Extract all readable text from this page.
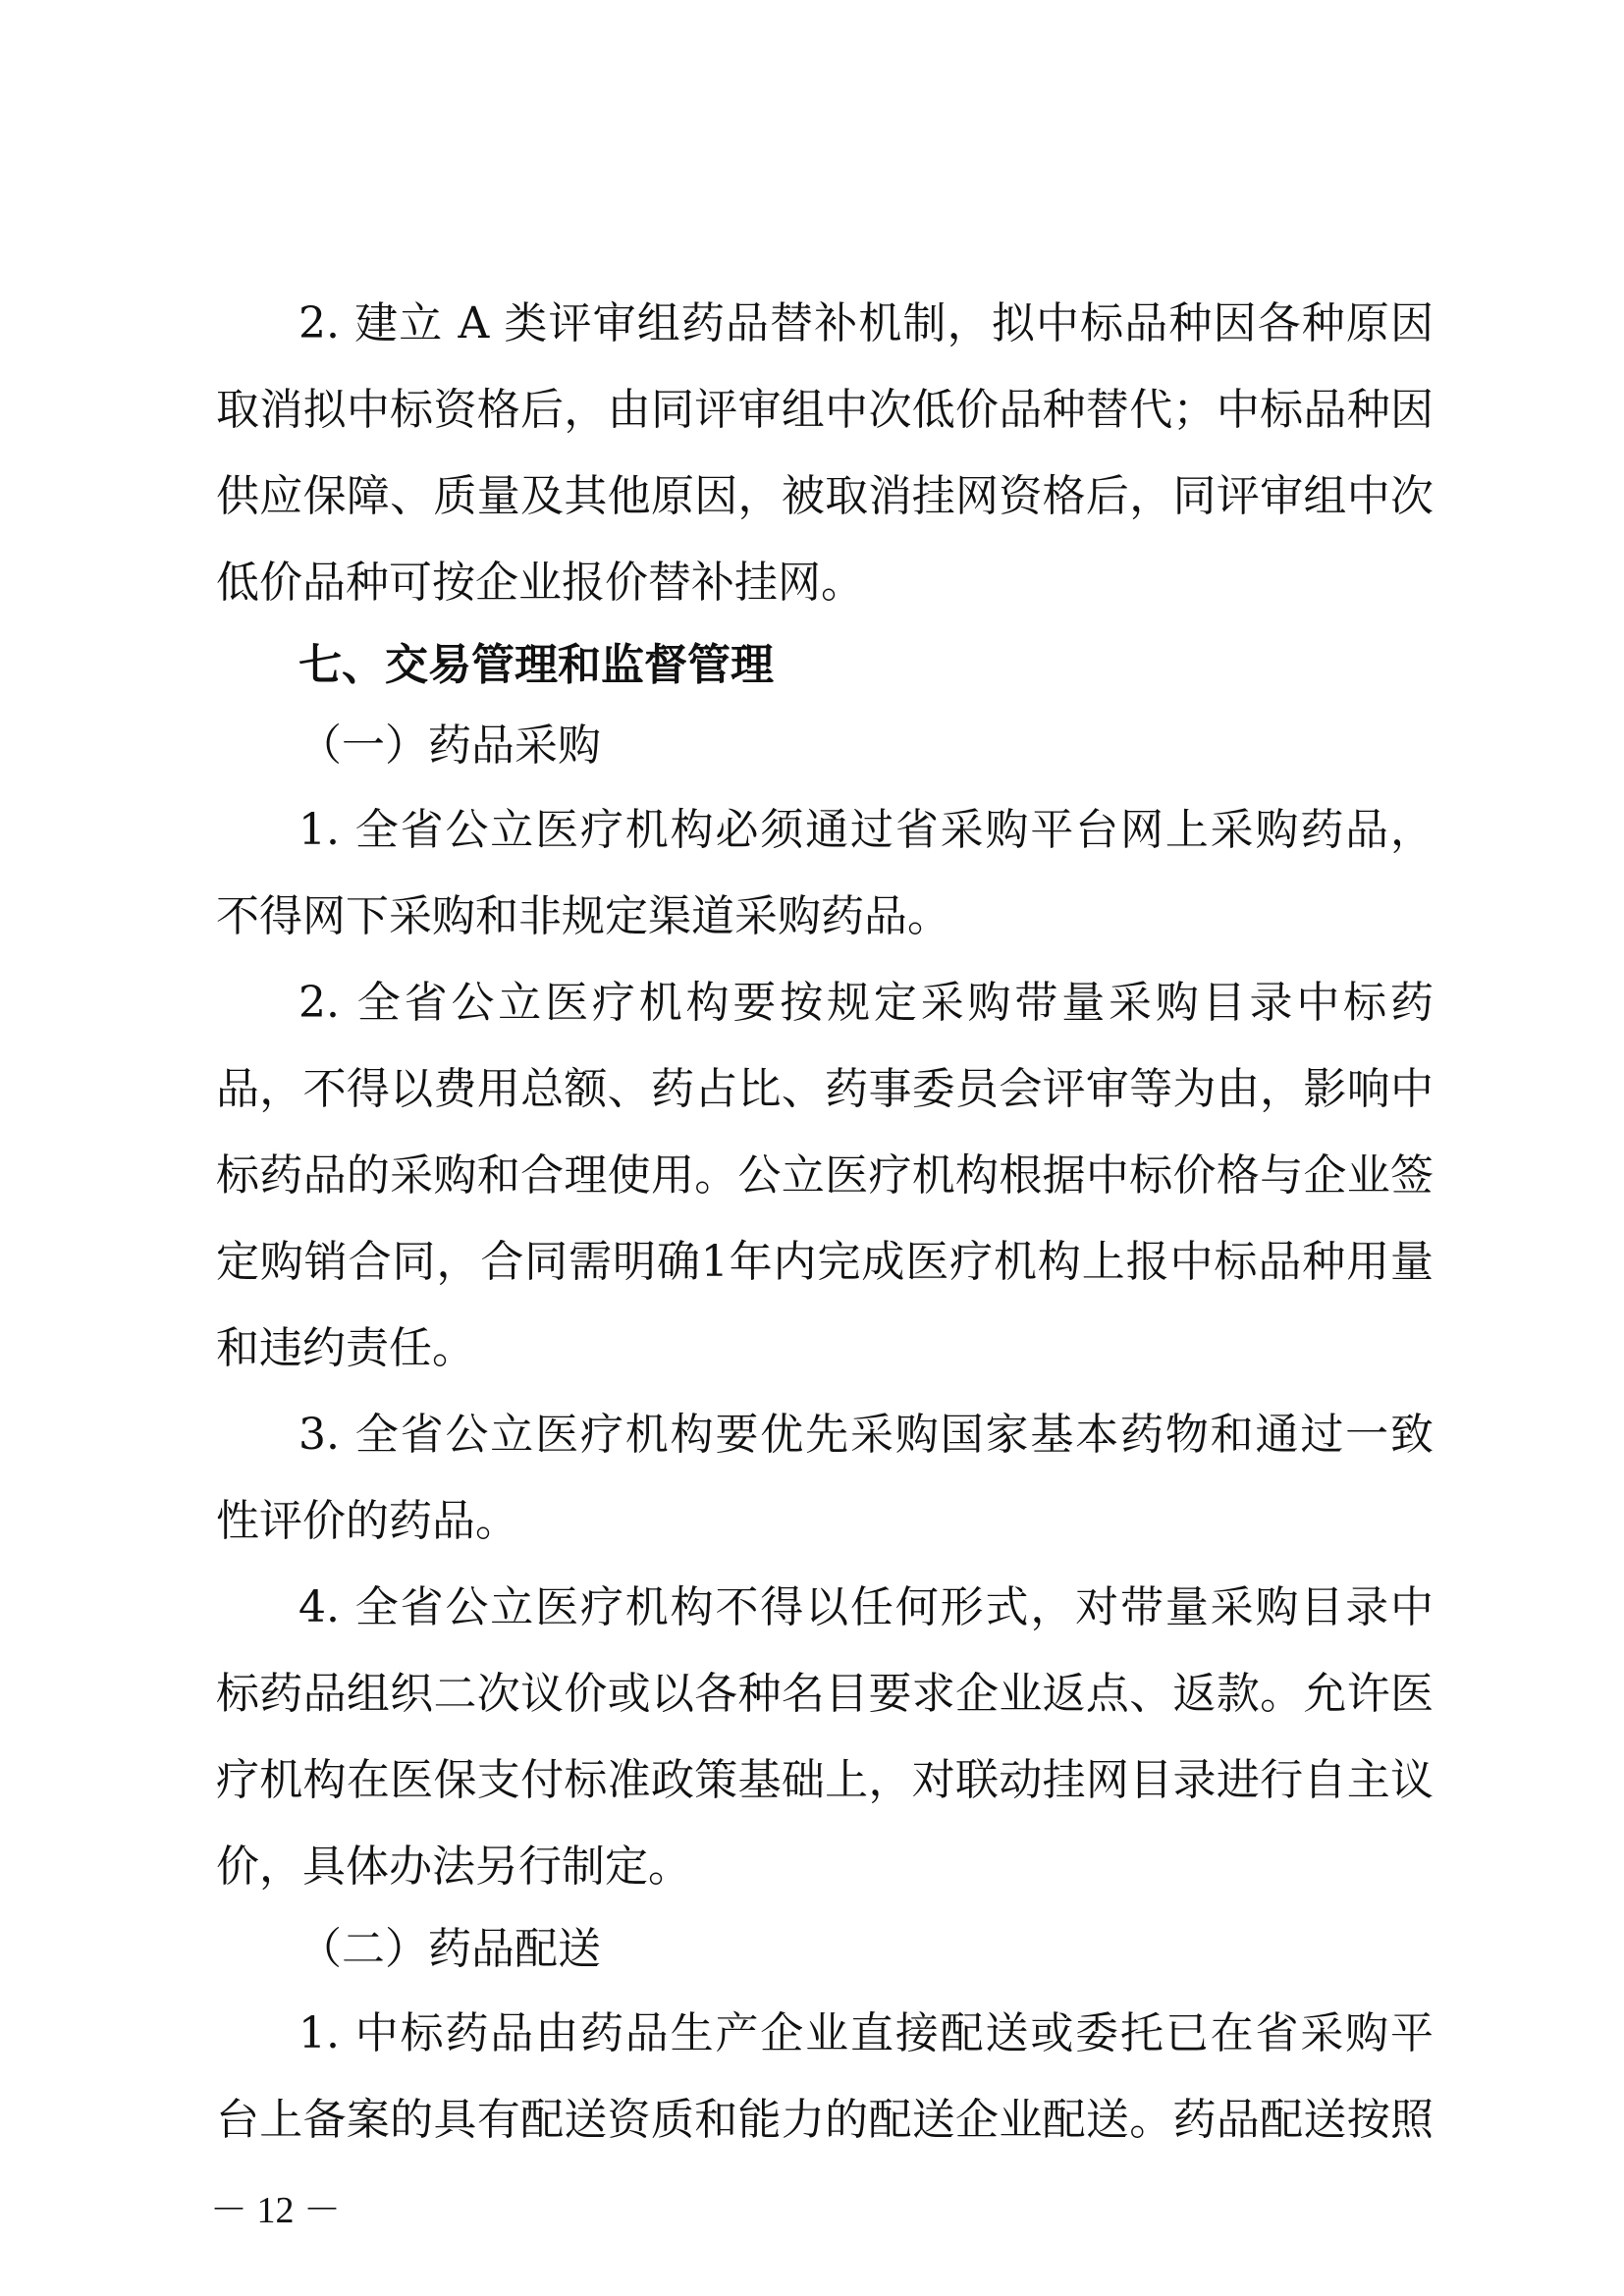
2. 建立 A 类评审组药品替补机制，拟中标品种因各种原因
取消拟中标资格后，由同评审组中次低价品种替代；中标品种因
供应保障、质量及其他原因，被取消挂网资格后，同评审组中次
低价品种可按企业报价替补挂网。
七、交易管理和监督管理
（一）药品采购
1. 全省公立医疗机构必须通过省采购平台网上采购药品，
不得网下采购和非规定渠道采购药品。
2. 全省公立医疗机构要按规定采购带量采购目录中标药
品，不得以费用总额、药占比、药事委员会评审等为由，影响中
标药品的采购和合理使用。公立医疗机构根据中标价格与企业签
定购销合同，合同需明确1年内完成医疗机构上报中标品种用量
和违约责任。
3. 全省公立医疗机构要优先采购国家基本药物和通过一致
性评价的药品。
4. 全省公立医疗机构不得以任何形式，对带量采购目录中
标药品组织二次议价或以各种名目要求企业返点、返款。允许医
疗机构在医保支付标准政策基础上，对联动挂网目录进行自主议
价，具体办法另行制定。
（二）药品配送
1. 中标药品由药品生产企业直接配送或委托已在省采购平
台上备案的具有配送资质和能力的配送企业配送。药品配送按照
－ 12 －
